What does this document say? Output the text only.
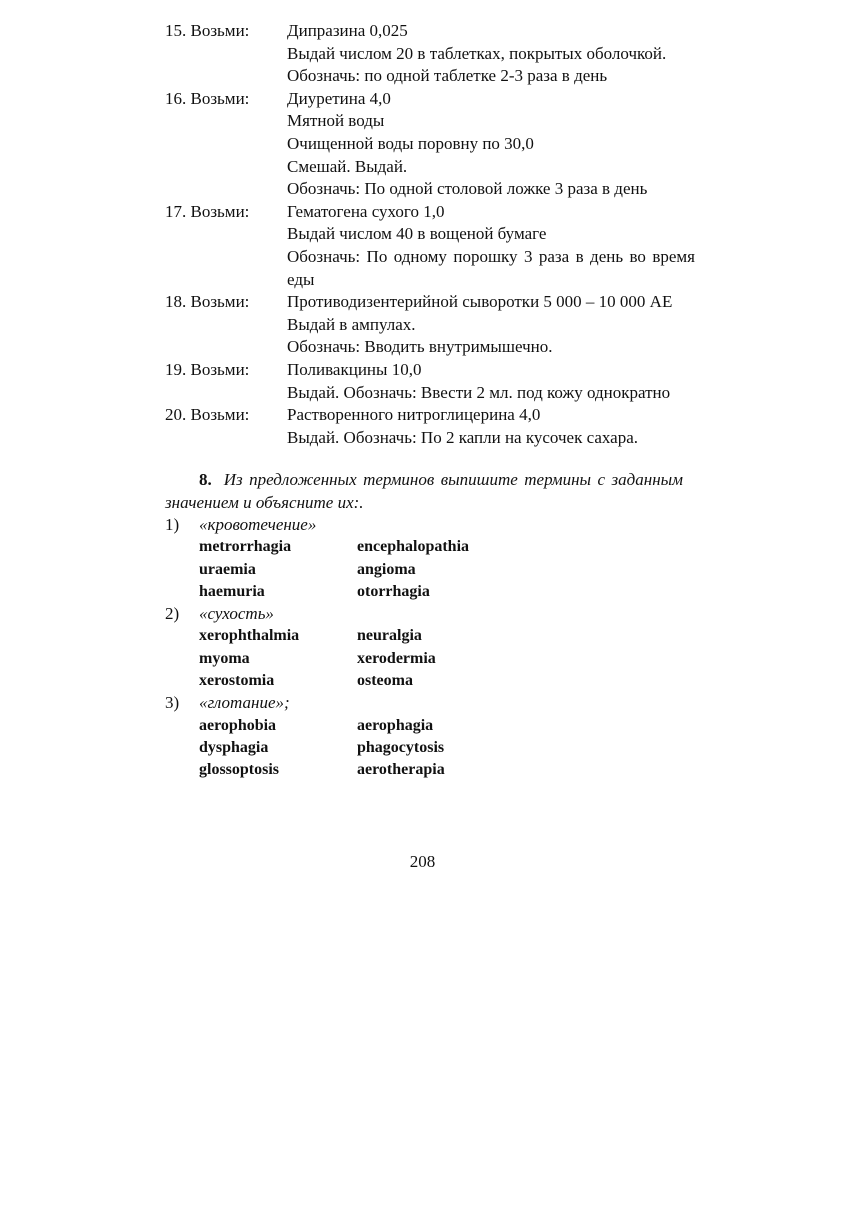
15. Возьми:	Дипразина 0,025
Выдай числом 20 в таблетках, покрытых оболочкой.
Обозначь: по одной таблетке 2-3 раза в день
16. Возьми:	Диуретина 4,0
Мятной воды
Очищенной воды поровну по 30,0
Смешай. Выдай.
Обозначь: По одной столовой ложке 3 раза в день
17. Возьми:	Гематогена сухого 1,0
Выдай числом 40 в вощеной бумаге
Обозначь: По одному порошку 3 раза в день во время еды
18. Возьми:	Противодизентерийной сыворотки 5 000 – 10 000 АЕ
Выдай в ампулах.
Обозначь: Вводить внутримышечно.
19. Возьми:	Поливакцины 10,0
Выдай. Обозначь: Ввести 2 мл. под кожу однократно
20. Возьми:	Растворенного нитроглицерина 4,0
Выдай. Обозначь: По 2 капли на кусочек сахара.
8. Из предложенных терминов выпишите термины с заданным значением и объясните их:.
1)	«кровотечение»
metrorrhagia	encephalopathia
uraemia	angioma
haemuria	otorrhagia
2)	«сухость»
xerophthalmia	neuralgia
myoma	xerodermia
xerostomia	osteoma
3)	«глотание»;
aerophobia	aerophagia
dysphagia	phagocytosis
glossoptosis	aerotherapia
208
